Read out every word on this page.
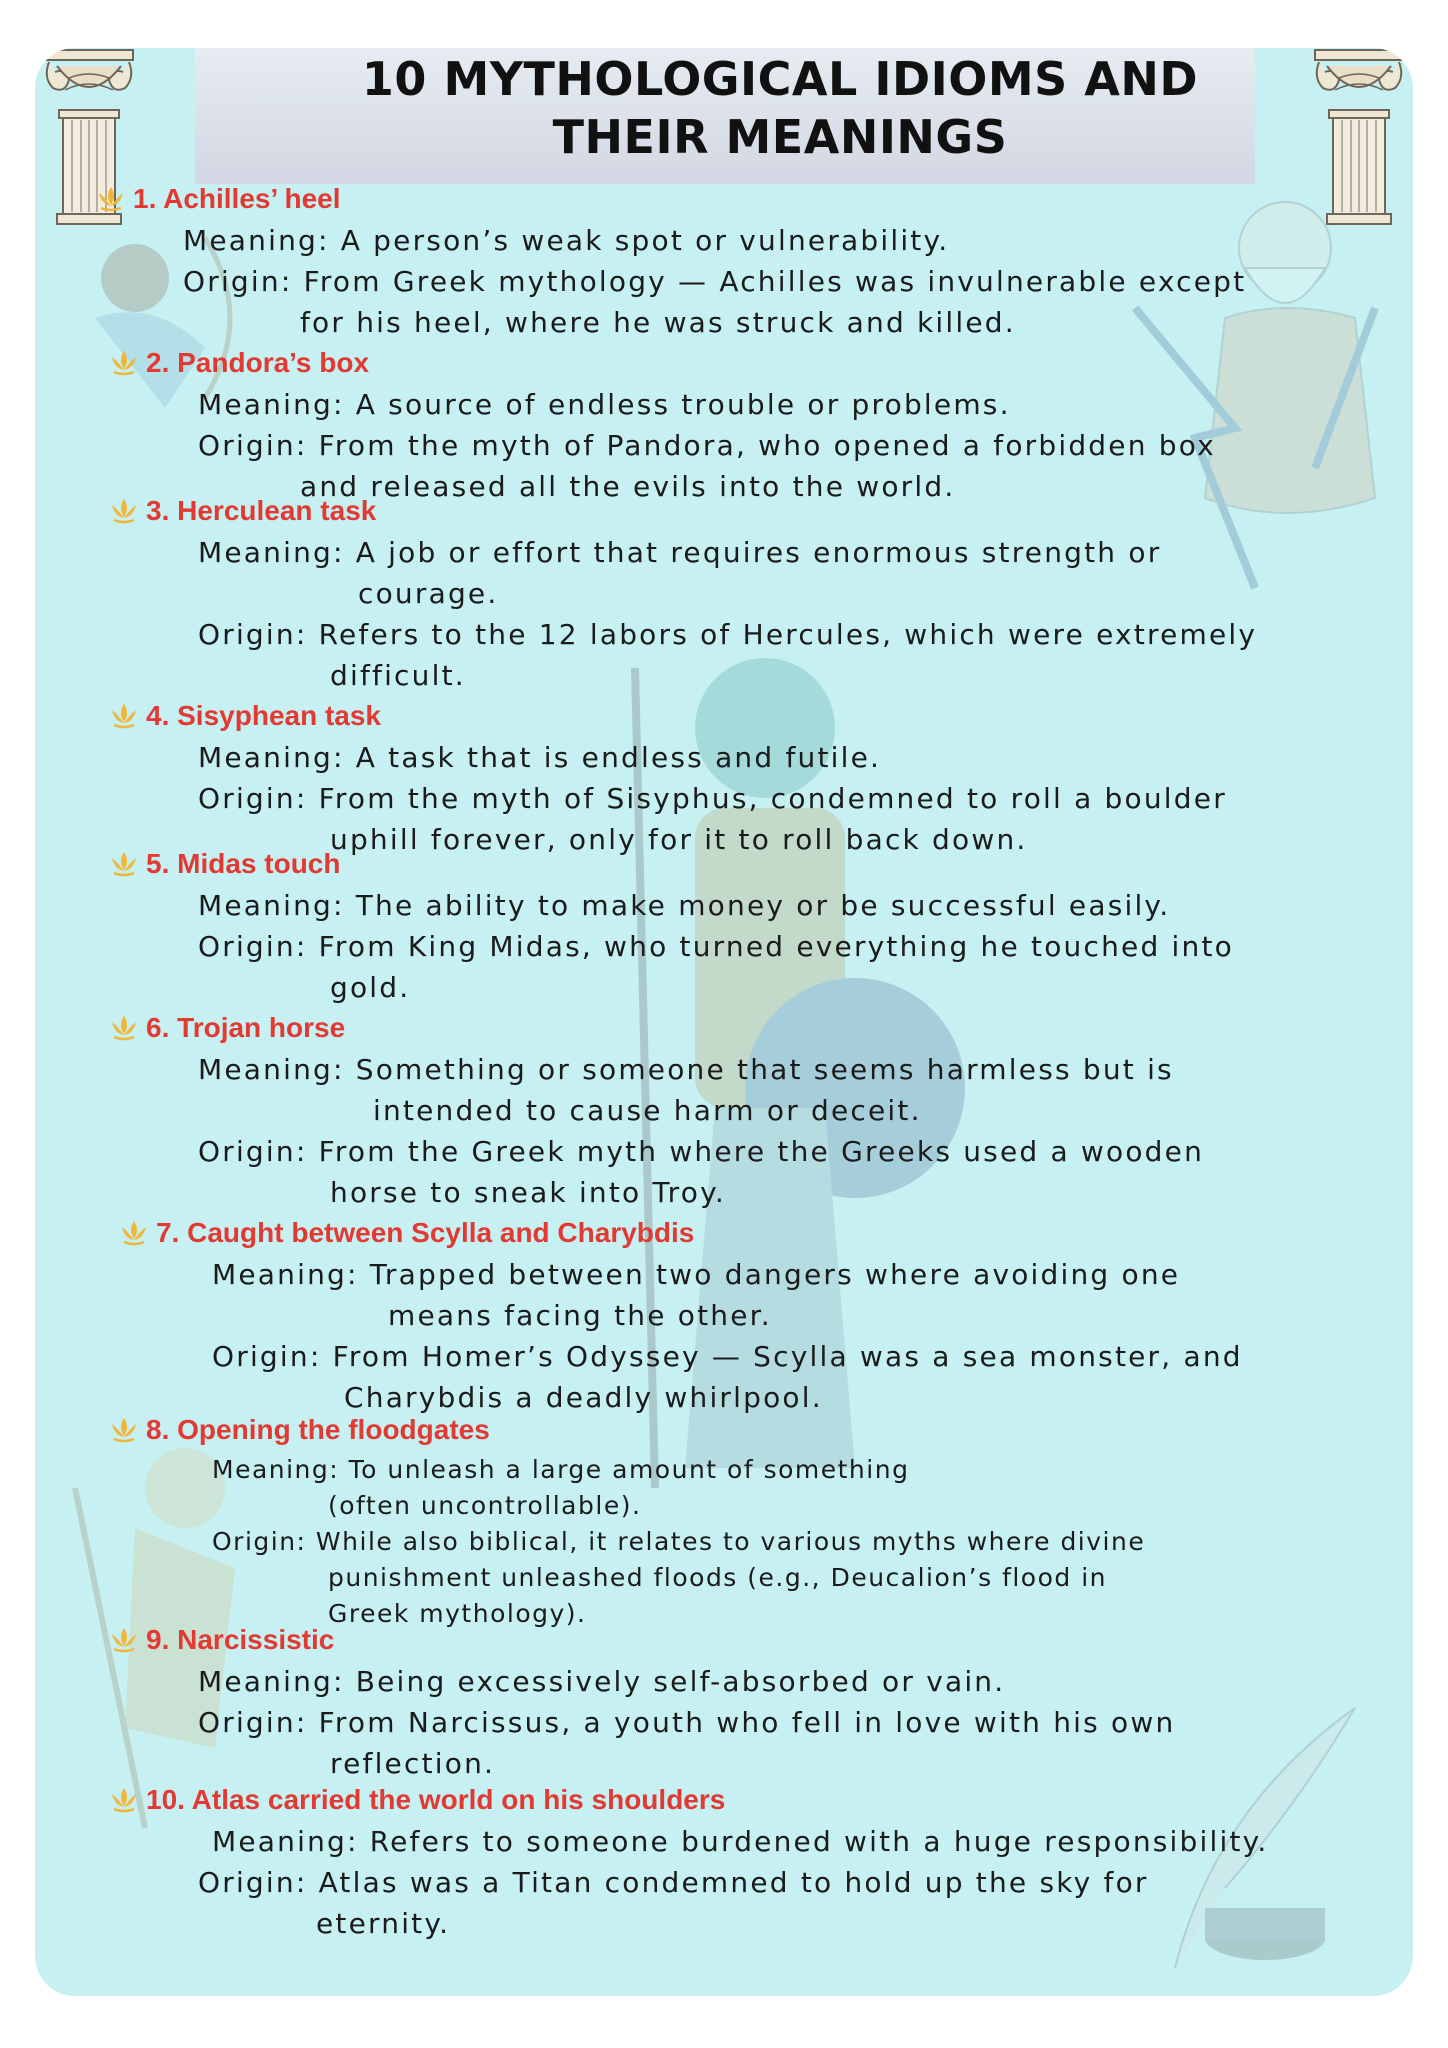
10 MYTHOLOGICAL IDIOMS AND
THEIR MEANINGS
1. Achilles’ heel
Meaning: A person’s weak spot or vulnerability.
Origin: From Greek mythology — Achilles was invulnerable except
for his heel, where he was struck and killed.
2. Pandora’s box
Meaning: A source of endless trouble or problems.
Origin: From the myth of Pandora, who opened a forbidden box
and released all the evils into the world.
3. Herculean task
Meaning: A job or effort that requires enormous strength or
courage.
Origin: Refers to the 12 labors of Hercules, which were extremely
difficult.
4. Sisyphean task
Meaning: A task that is endless and futile.
Origin: From the myth of Sisyphus, condemned to roll a boulder
uphill forever, only for it to roll back down.
5. Midas touch
Meaning: The ability to make money or be successful easily.
Origin: From King Midas, who turned everything he touched into
gold.
6. Trojan horse
Meaning: Something or someone that seems harmless but is
intended to cause harm or deceit.
Origin: From the Greek myth where the Greeks used a wooden
horse to sneak into Troy.
7. Caught between Scylla and Charybdis
Meaning: Trapped between two dangers where avoiding one
means facing the other.
Origin: From Homer’s Odyssey — Scylla was a sea monster, and
Charybdis a deadly whirlpool.
8. Opening the floodgates
Meaning: To unleash a large amount of something
(often uncontrollable).
Origin: While also biblical, it relates to various myths where divine
punishment unleashed floods (e.g., Deucalion’s flood in
Greek mythology).
9. Narcissistic
Meaning: Being excessively self-absorbed or vain.
Origin: From Narcissus, a youth who fell in love with his own
reflection.
10. Atlas carried the world on his shoulders
Meaning: Refers to someone burdened with a huge responsibility.
Origin: Atlas was a Titan condemned to hold up the sky for
eternity.
